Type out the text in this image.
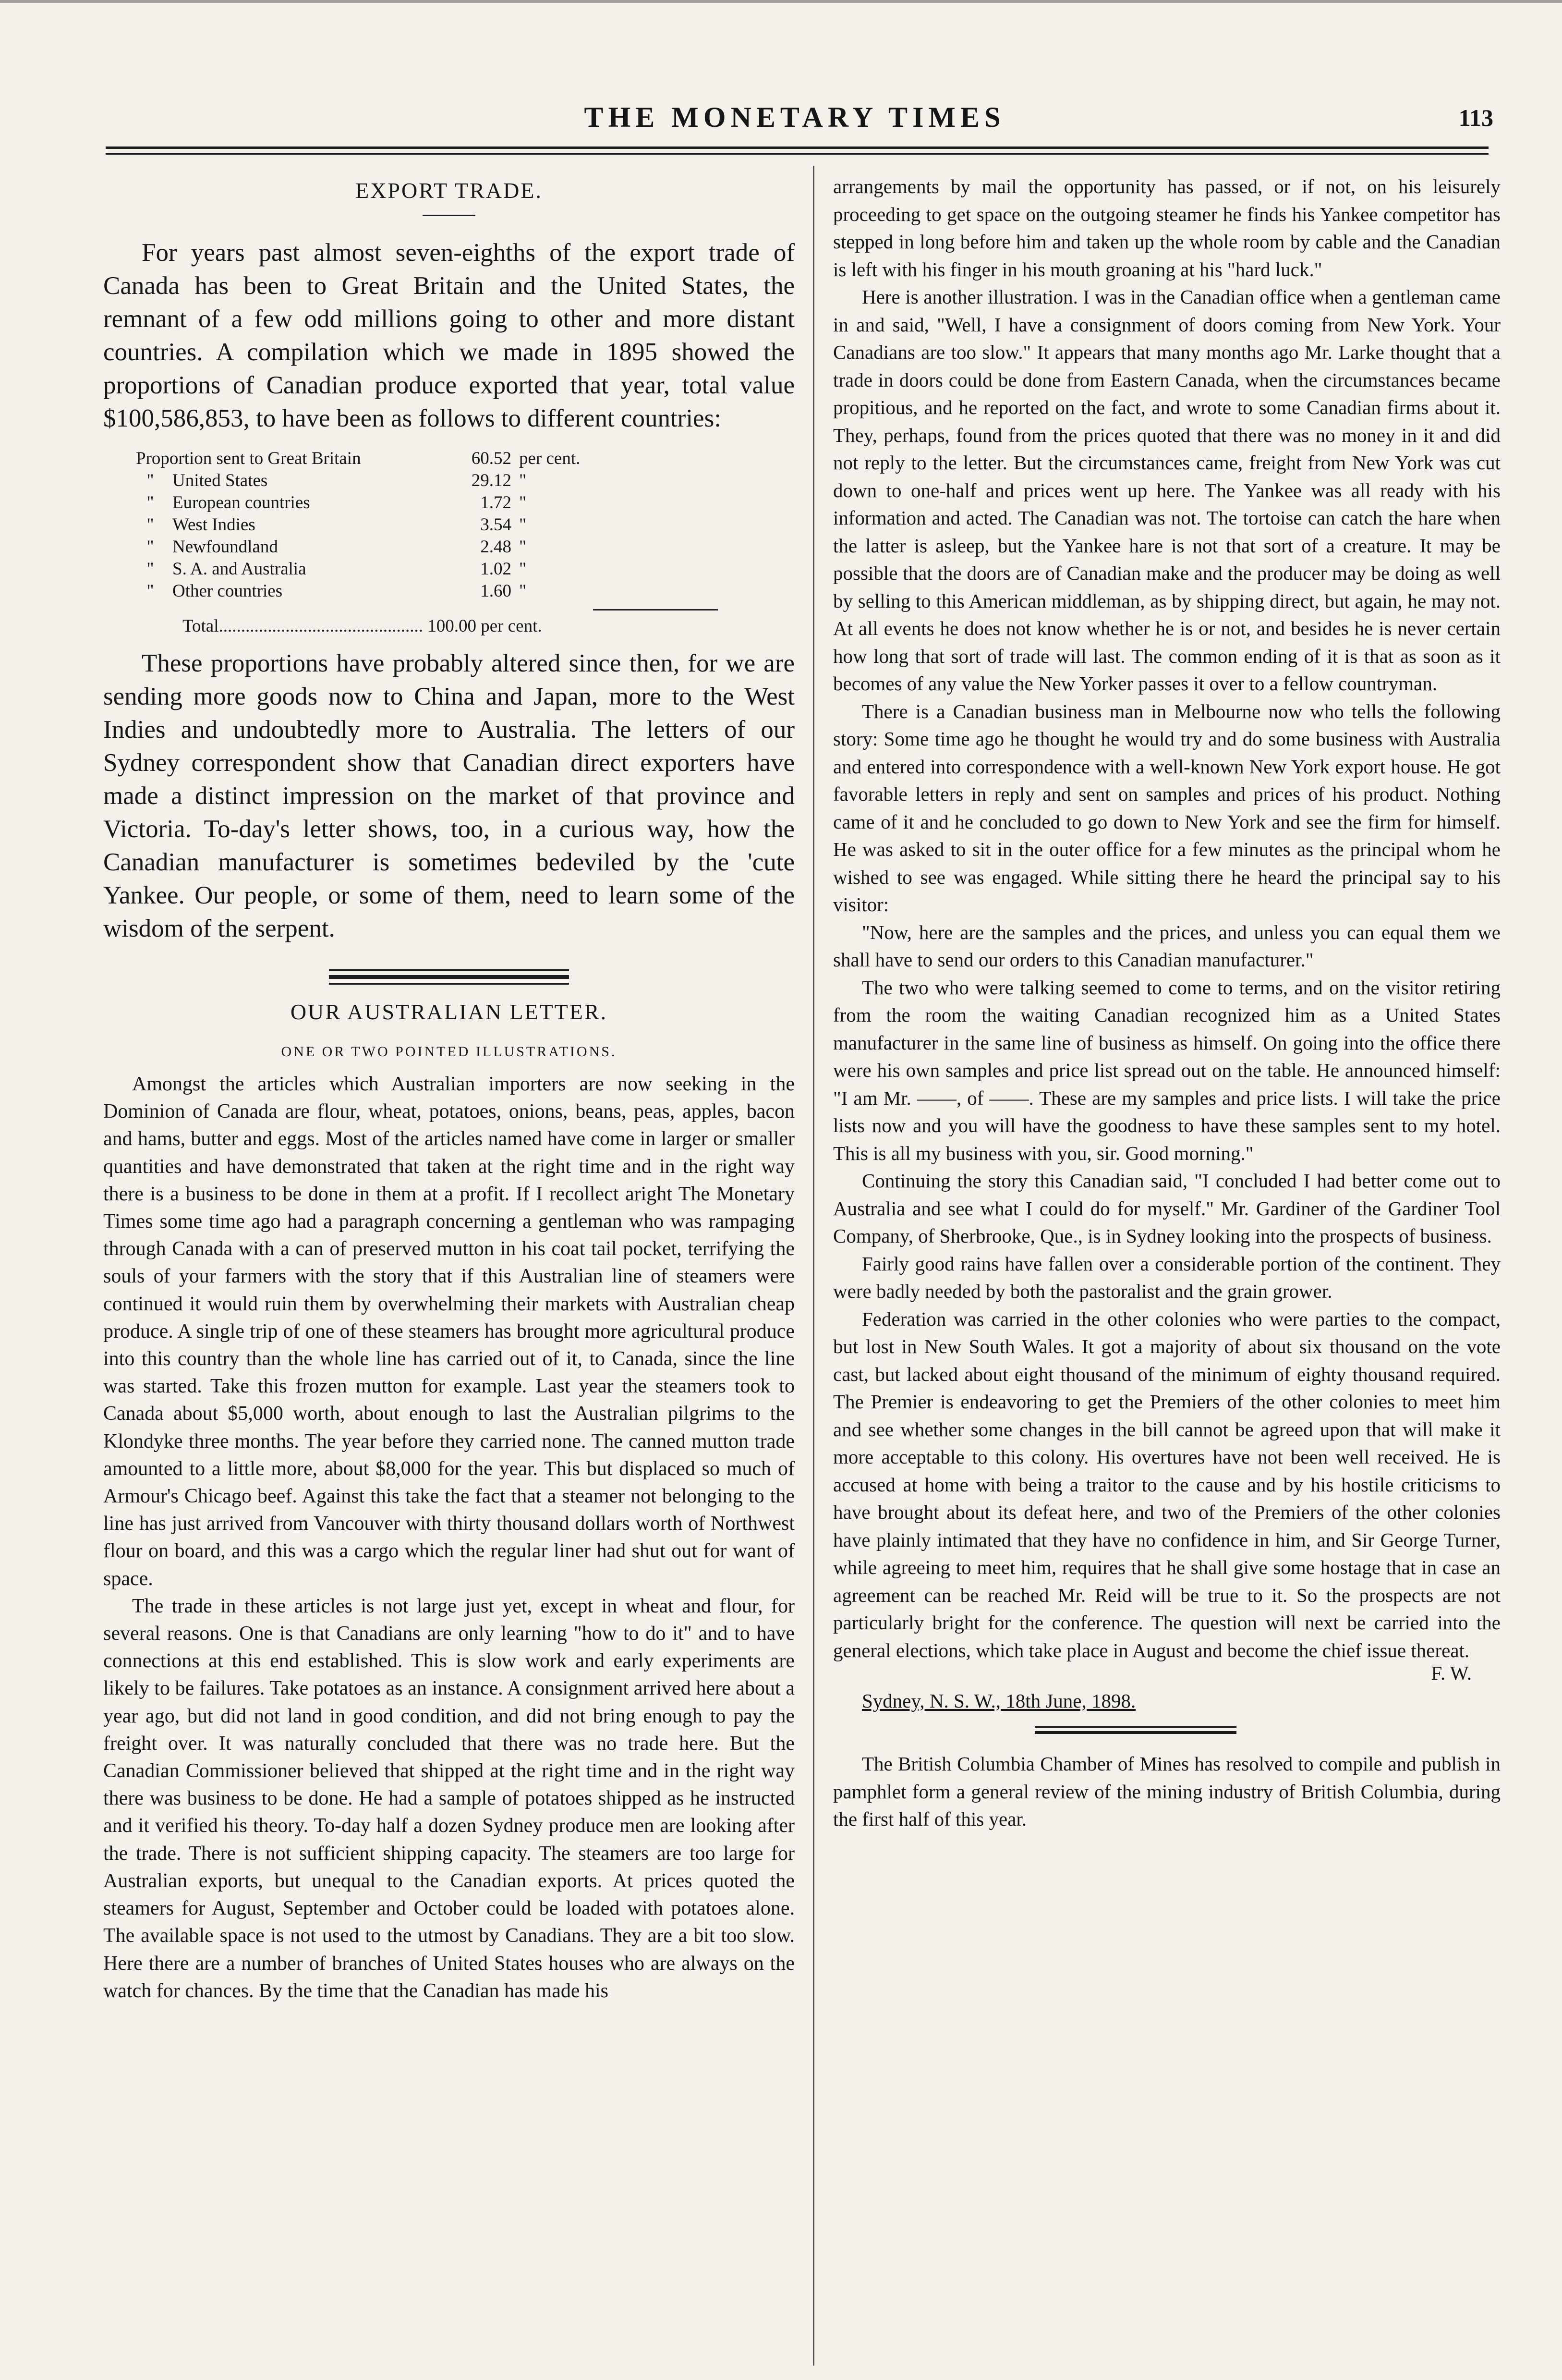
THE MONETARY TIMES	113
EXPORT TRADE.

For years past almost seven-eighths of the export trade of Canada has been to Great Britain and the United States, the remnant of a few odd millions going to other and more distant countries. A compilation which we made in 1895 showed the proportions of Canadian produce exported that year, total value $100,586,853, to have been as follows to different countries:

Proportion sent to Great Britain		60.52	per cent.
"	United States	29.12	"
"	European countries	1.72	"
"	West Indies	3.54	"
"	Newfoundland	2.48	"
"	S. A. and Australia	1.02	"
"	Other countries	1.60	"
Total.............................................. 100.00 per cent.

These proportions have probably altered since then, for we are sending more goods now to China and Japan, more to the West Indies and undoubtedly more to Australia. The letters of our Sydney correspondent show that Canadian direct exporters have made a distinct impression on the market of that province and Victoria. To-day's letter shows, too, in a curious way, how the Canadian manufacturer is sometimes bedeviled by the 'cute Yankee. Our people, or some of them, need to learn some of the wisdom of the serpent.

OUR AUSTRALIAN LETTER.
ONE OR TWO POINTED ILLUSTRATIONS.

Amongst the articles which Australian importers are now seeking in the Dominion of Canada are flour, wheat, potatoes, onions, beans, peas, apples, bacon and hams, butter and eggs. Most of the articles named have come in larger or smaller quantities and have demonstrated that taken at the right time and in the right way there is a business to be done in them at a profit. If I recollect aright The Monetary Times some time ago had a paragraph concerning a gentleman who was rampaging through Canada with a can of preserved mutton in his coat tail pocket, terrifying the souls of your farmers with the story that if this Australian line of steamers were continued it would ruin them by overwhelming their markets with Australian cheap produce. A single trip of one of these steamers has brought more agricultural produce into this country than the whole line has carried out of it, to Canada, since the line was started. Take this frozen mutton for example. Last year the steamers took to Canada about $5,000 worth, about enough to last the Australian pilgrims to the Klondyke three months. The year before they carried none. The canned mutton trade amounted to a little more, about $8,000 for the year. This but displaced so much of Armour's Chicago beef. Against this take the fact that a steamer not belonging to the line has just arrived from Vancouver with thirty thousand dollars worth of Northwest flour on board, and this was a cargo which the regular liner had shut out for want of space.

The trade in these articles is not large just yet, except in wheat and flour, for several reasons. One is that Canadians are only learning "how to do it" and to have connections at this end established. This is slow work and early experiments are likely to be failures. Take potatoes as an instance. A consignment arrived here about a year ago, but did not land in good condition, and did not bring enough to pay the freight over. It was naturally concluded that there was no trade here. But the Canadian Commissioner believed that shipped at the right time and in the right way there was business to be done. He had a sample of potatoes shipped as he instructed and it verified his theory. To-day half a dozen Sydney produce men are looking after the trade. There is not sufficient shipping capacity. The steamers are too large for Australian exports, but unequal to the Canadian exports. At prices quoted the steamers for August, September and October could be loaded with potatoes alone. The available space is not used to the utmost by Canadians. They are a bit too slow. Here there are a number of branches of United States houses who are always on the watch for chances. By the time that the Canadian has made his

arrangements by mail the opportunity has passed, or if not, on his leisurely proceeding to get space on the outgoing steamer he finds his Yankee competitor has stepped in long before him and taken up the whole room by cable and the Canadian is left with his finger in his mouth groaning at his "hard luck."

Here is another illustration. I was in the Canadian office when a gentleman came in and said, "Well, I have a consignment of doors coming from New York. Your Canadians are too slow." It appears that many months ago Mr. Larke thought that a trade in doors could be done from Eastern Canada, when the circumstances became propitious, and he reported on the fact, and wrote to some Canadian firms about it. They, perhaps, found from the prices quoted that there was no money in it and did not reply to the letter. But the circumstances came, freight from New York was cut down to one-half and prices went up here. The Yankee was all ready with his information and acted. The Canadian was not. The tortoise can catch the hare when the latter is asleep, but the Yankee hare is not that sort of a creature. It may be possible that the doors are of Canadian make and the producer may be doing as well by selling to this American middleman, as by shipping direct, but again, he may not. At all events he does not know whether he is or not, and besides he is never certain how long that sort of trade will last. The common ending of it is that as soon as it becomes of any value the New Yorker passes it over to a fellow countryman.

There is a Canadian business man in Melbourne now who tells the following story: Some time ago he thought he would try and do some business with Australia and entered into correspondence with a well-known New York export house. He got favorable letters in reply and sent on samples and prices of his product. Nothing came of it and he concluded to go down to New York and see the firm for himself. He was asked to sit in the outer office for a few minutes as the principal whom he wished to see was engaged. While sitting there he heard the principal say to his visitor:

"Now, here are the samples and the prices, and unless you can equal them we shall have to send our orders to this Canadian manufacturer."

The two who were talking seemed to come to terms, and on the visitor retiring from the room the waiting Canadian recognized him as a United States manufacturer in the same line of business as himself. On going into the office there were his own samples and price list spread out on the table. He announced himself: "I am Mr. ——, of ——. These are my samples and price lists. I will take the price lists now and you will have the goodness to have these samples sent to my hotel. This is all my business with you, sir. Good morning."

Continuing the story this Canadian said, "I concluded I had better come out to Australia and see what I could do for myself." Mr. Gardiner of the Gardiner Tool Company, of Sherbrooke, Que., is in Sydney looking into the prospects of business.

Fairly good rains have fallen over a considerable portion of the continent. They were badly needed by both the pastoralist and the grain grower.

Federation was carried in the other colonies who were parties to the compact, but lost in New South Wales. It got a majority of about six thousand on the vote cast, but lacked about eight thousand of the minimum of eighty thousand required. The Premier is endeavoring to get the Premiers of the other colonies to meet him and see whether some changes in the bill cannot be agreed upon that will make it more acceptable to this colony. His overtures have not been well received. He is accused at home with being a traitor to the cause and by his hostile criticisms to have brought about its defeat here, and two of the Premiers of the other colonies have plainly intimated that they have no confidence in him, and Sir George Turner, while agreeing to meet him, requires that he shall give some hostage that in case an agreement can be reached Mr. Reid will be true to it. So the prospects are not particularly bright for the conference. The question will next be carried into the general elections, which take place in August and become the chief issue thereat.

F. W.
Sydney, N. S. W., 18th June, 1898.

The British Columbia Chamber of Mines has resolved to compile and publish in pamphlet form a general review of the mining industry of British Columbia, during the first half of this year.
